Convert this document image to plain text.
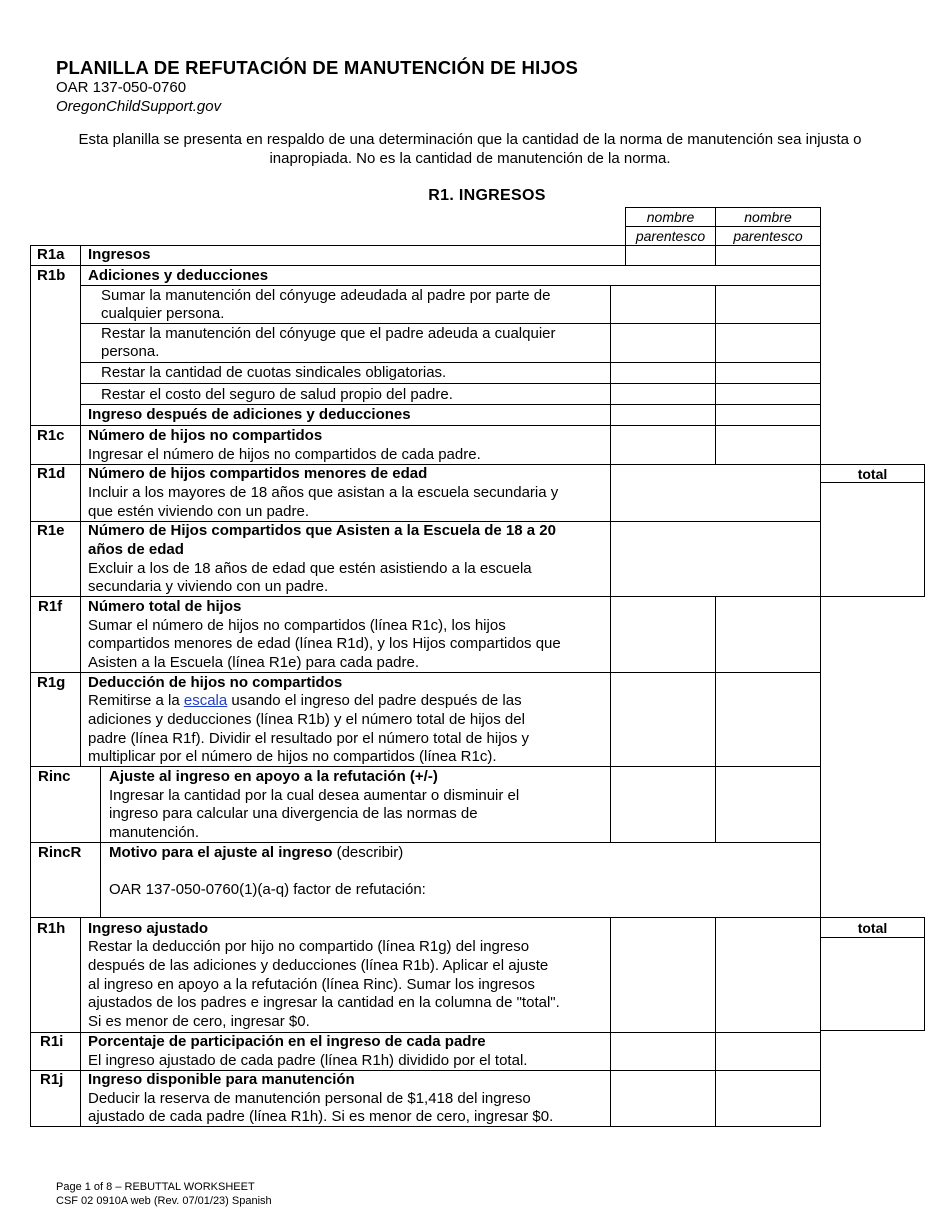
PLANILLA DE REFUTACIÓN DE MANUTENCIÓN DE HIJOS
OAR 137-050-0760
OregonChildSupport.gov
Esta planilla se presenta en respaldo de una determinación que la cantidad de la norma de manutención sea injusta o inapropiada. No es la cantidad de manutención de la norma.
R1. INGRESOS
nombre
parentesco
nombre
parentesco
total
total
R1a Ingresos
R1b Adiciones y deducciones
Sumar la manutención del cónyuge adeudada al padre por parte de
cualquier persona.
Restar la manutención del cónyuge que el padre adeuda a cualquier
persona.
Restar la cantidad de cuotas sindicales obligatorias.
Restar el costo del seguro de salud propio del padre.
Ingreso después de adiciones y deducciones
R1c Número de hijos no compartidos
Ingresar el número de hijos no compartidos de cada padre.
R1d Número de hijos compartidos menores de edad
Incluir a los mayores de 18 años que asistan a la escuela secundaria y
que estén viviendo con un padre.
R1e Número de Hijos compartidos que Asisten a la Escuela de 18 a 20
años de edad
Excluir a los de 18 años de edad que estén asistiendo a la escuela
secundaria y viviendo con un padre.
R1f Número total de hijos
Sumar el número de hijos no compartidos (línea R1c), los hijos
compartidos menores de edad (línea R1d), y los Hijos compartidos que
Asisten a la Escuela (línea R1e) para cada padre.
R1g Deducción de hijos no compartidos
Remitirse a la escala usando el ingreso del padre después de las
adiciones y deducciones (línea R1b) y el número total de hijos del
padre (línea R1f). Dividir el resultado por el número total de hijos y
multiplicar por el número de hijos no compartidos (línea R1c).
Rinc	Ajuste al ingreso en apoyo a la refutación (+/-)
Ingresar la cantidad por la cual desea aumentar o disminuir el
ingreso para calcular una divergencia de las normas de
manutención.
RincR Motivo para el ajuste al ingreso (describir)
OAR 137-050-0760(1)(a-q) factor de refutación:
R1h Ingreso ajustado
Restar la deducción por hijo no compartido (línea R1g) del ingreso
después de las adiciones y deducciones (línea R1b). Aplicar el ajuste
al ingreso en apoyo a la refutación (línea Rinc). Sumar los ingresos
ajustados de los padres e ingresar la cantidad en la columna de "total".
Si es menor de cero, ingresar $0.
R1i Porcentaje de participación en el ingreso de cada padre
El ingreso ajustado de cada padre (línea R1h) dividido por el total.
R1j Ingreso disponible para manutención
Deducir la reserva de manutención personal de $1,418 del ingreso
ajustado de cada padre (línea R1h). Si es menor de cero, ingresar $0.
Page 1 of 8 – REBUTTAL WORKSHEET
CSF 02 0910A web (Rev. 07/01/23) Spanish
